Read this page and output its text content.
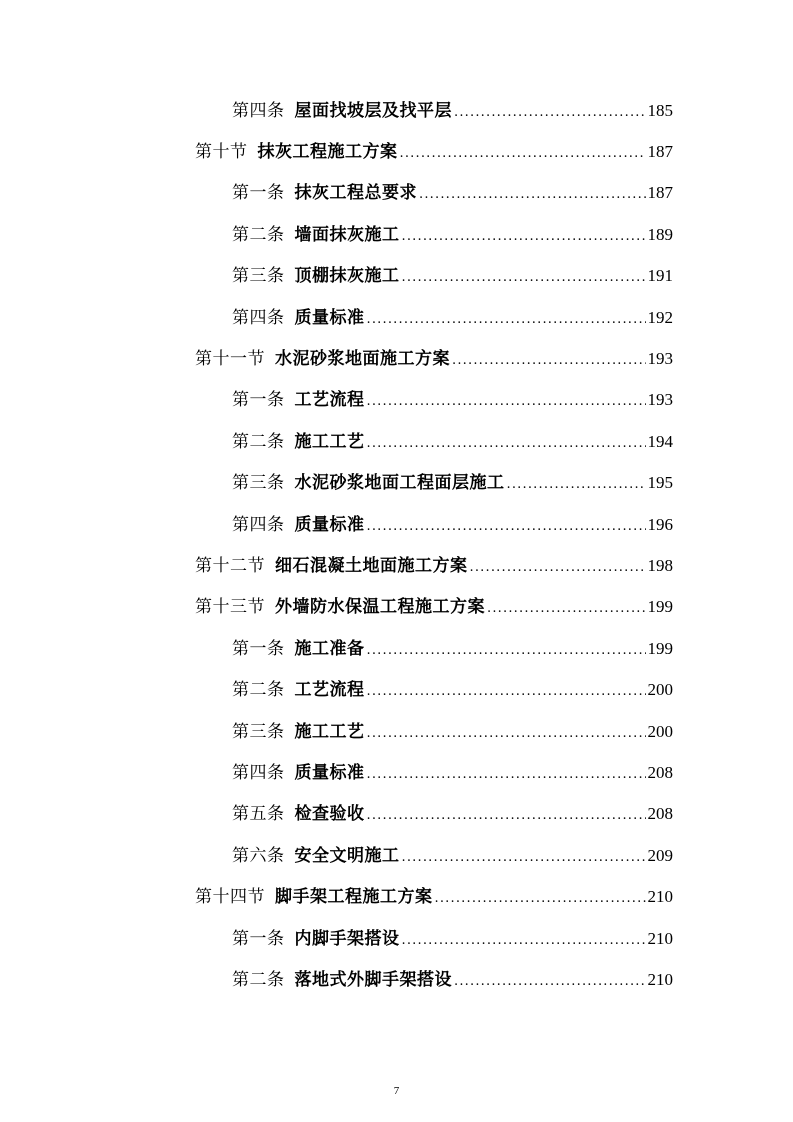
第四条 屋面找坡层及找平层 .....	185
第十节 抹灰工程施工方案 .....	187
第一条 抹灰工程总要求 .....	187
第二条 墙面抹灰施工 .....	189
第三条 顶棚抹灰施工 .....	191
第四条 质量标准 .....	192
第十一节 水泥砂浆地面施工方案 .....	193
第一条 工艺流程 .....	193
第二条 施工工艺 .....	194
第三条 水泥砂浆地面工程面层施工 .....	195
第四条 质量标准 .....	196
第十二节 细石混凝土地面施工方案 .....	198
第十三节 外墙防水保温工程施工方案 .....	199
第一条 施工准备 .....	199
第二条 工艺流程 .....	200
第三条 施工工艺 .....	200
第四条 质量标准 .....	208
第五条 检查验收 .....	208
第六条 安全文明施工 .....	209
第十四节 脚手架工程施工方案 .....	210
第一条 内脚手架搭设 .....	210
第二条 落地式外脚手架搭设 .....	210
7
